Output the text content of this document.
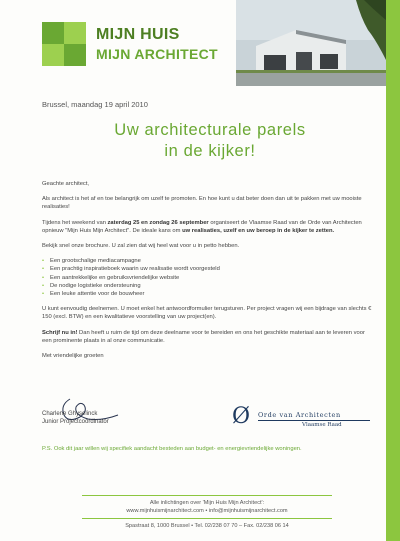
MIJN HUIS
MIJN ARCHITECT
Brussel, maandag 19 april 2010
Uw architecturale parels
in de kijker!

Geachte architect,

Als architect is het af en toe belangrijk om uzelf te promoten. En hoe kunt u dat beter doen dan uit te pakken met uw mooiste realisaties!

Tijdens het weekend van zaterdag 25 en zondag 26 september organiseert de Vlaamse Raad van de Orde van Architecten opnieuw "Mijn Huis Mijn Architect". De ideale kans om uw realisaties, uzelf en uw beroep in de kijker te zetten.

Bekijk snel onze brochure. U zal zien dat wij heel wat voor u in petto hebben.

• Een grootschalige mediacampagne
• Een prachtig inspiratieboek waarin uw realisatie wordt voorgesteld
• Een aantrekkelijke en gebruiksvriendelijke website
• De nodige logistieke ondersteuning
• Een leuke attentie voor de bouwheer

U kunt eenvoudig deelnemen. U moet enkel het antwoordformulier terugsturen. Per project vragen wij een bijdrage van slechts € 150 (excl. BTW) en een kwalitatieve voorstelling van uw project(en).

Schrijf nu in! Dan heeft u ruim de tijd om deze deelname voor te bereiden en ons het geschikte materiaal aan te leveren voor een prominente plaats in al onze communicatie.

Met vriendelijke groeten

Charlene Ghyselinck
Junior Projectcoördinator	Ø Orde van Architecten
Vlaamse Raad
P.S. Ook dit jaar willen wij specifiek aandacht besteden aan budget- en energievriendelijke woningen.
Alle inlichtingen over 'Mijn Huis Mijn Architect':
www.mijnhuismijnarchitect.com • info@mijnhuismijnarchitect.com
Spastraat 8, 1000 Brussel • Tel. 02/238 07 70 – Fax. 02/238 06 14
